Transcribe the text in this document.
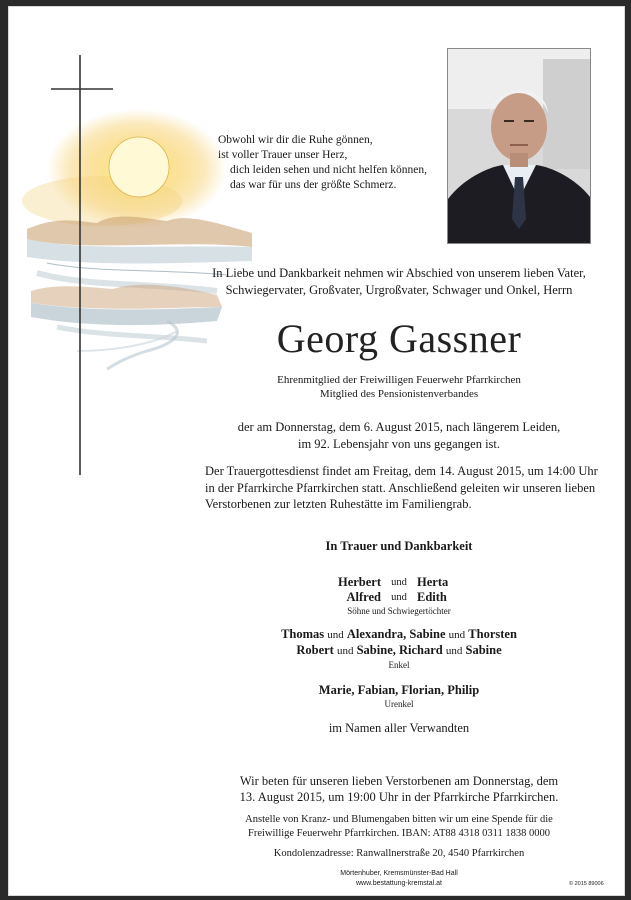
Obwohl wir dir die Ruhe gönnen,
ist voller Trauer unser Herz,
dich leiden sehen und nicht helfen können,
das war für uns der größte Schmerz.
In Liebe und Dankbarkeit nehmen wir Abschied von unserem lieben Vater,
Schwiegervater, Großvater, Urgroßvater, Schwager und Onkel, Herrn
Georg Gassner
Ehrenmitglied der Freiwilligen Feuerwehr Pfarrkirchen
Mitglied des Pensionistenverbandes
der am Donnerstag, dem 6. August 2015, nach längerem Leiden,
im 92. Lebensjahr von uns gegangen ist.
Der Trauergottesdienst findet am Freitag, dem 14. August 2015, um 14:00 Uhr
in der Pfarrkirche Pfarrkirchen statt. Anschließend geleiten wir unseren lieben
Verstorbenen zur letzten Ruhestätte im Familiengrab.
In Trauer und Dankbarkeit
Herbert und Herta
Alfred und Edith
Söhne und Schwiegertöchter
Thomas und Alexandra, Sabine und Thorsten
Robert und Sabine, Richard und Sabine
Enkel
Marie, Fabian, Florian, Philip
Urenkel
im Namen aller Verwandten
Wir beten für unseren lieben Verstorbenen am Donnerstag, dem
13. August 2015, um 19:00 Uhr in der Pfarrkirche Pfarrkirchen.
Anstelle von Kranz- und Blumengaben bitten wir um eine Spende für die
Freiwillige Feuerwehr Pfarrkirchen. IBAN: AT88 4318 0311 1838 0000
Kondolenzadresse: Ranwallnerstraße 20, 4540 Pfarrkirchen
Mörtenhuber, Kremsmünster-Bad Hall
www.bestattung-kremstal.at	© 2015 89006
